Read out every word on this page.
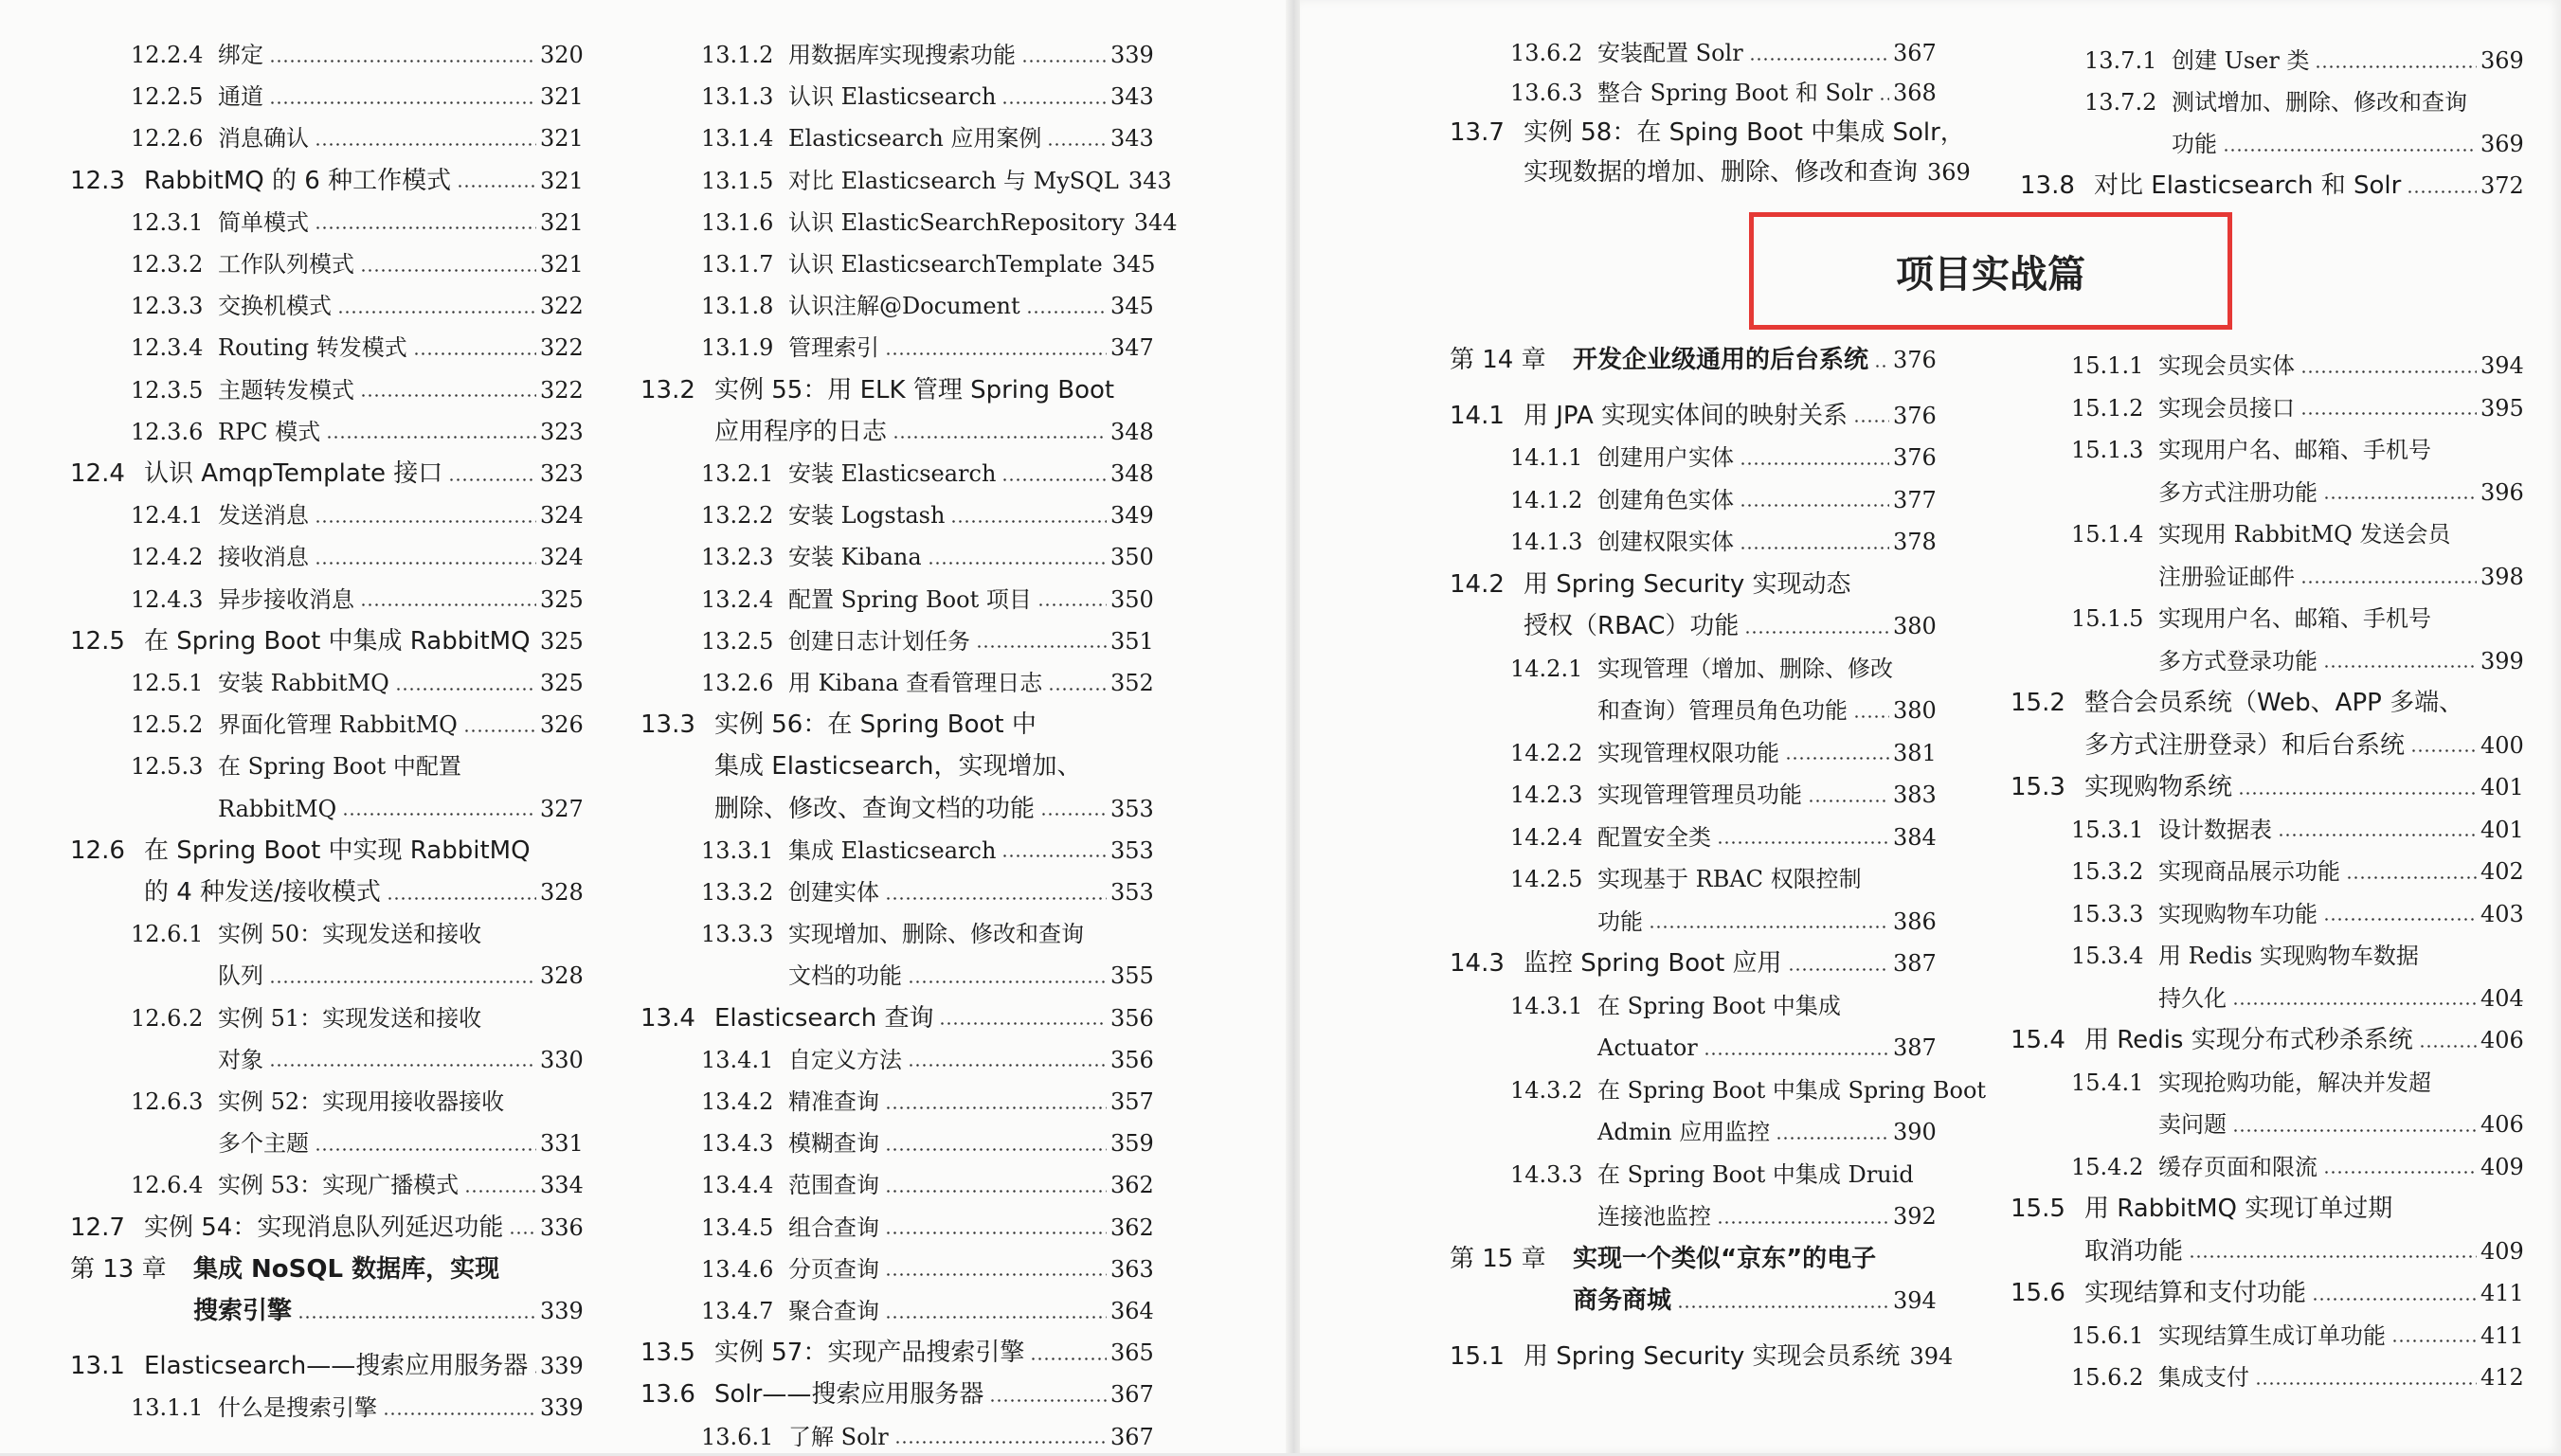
12.2.4 绑定	320
12.2.5 通道	321
12.2.6 消息确认	321
12.3 RabbitMQ 的 6 种工作模式	321
12.3.1 简单模式	321
12.3.2 工作队列模式	321
12.3.3 交换机模式	322
12.3.4 Routing 转发模式	322
12.3.5 主题转发模式	322
12.3.6 RPC 模式	323
12.4 认识 AmqpTemplate 接口	323
12.4.1 发送消息	324
12.4.2 接收消息	324
12.4.3 异步接收消息	325
12.5 在 Spring Boot 中集成 RabbitMQ 325
12.5.1 安装 RabbitMQ	325
12.5.2 界面化管理 RabbitMQ	326
12.5.3 在 Spring Boot 中配置
RabbitMQ	327
12.6 在 Spring Boot 中实现 RabbitMQ
的 4 种发送/接收模式	328
12.6.1 实例 50：实现发送和接收
队列	328
12.6.2 实例 51：实现发送和接收
对象	330
12.6.3 实例 52：实现用接收器接收
多个主题	331
12.6.4 实例 53：实现广播模式	334
12.7 实例 54：实现消息队列延迟功能 336
第 13 章	集成 NoSQL 数据库，实现
搜索引擎	339
13.1 Elasticsearch——搜索应用服务器 339
13.1.1 什么是搜索引擎	339
13.1.2 用数据库实现搜索功能	339
13.1.3 认识 Elasticsearch	343
13.1.4 Elasticsearch 应用案例	343
13.1.5 对比 Elasticsearch 与 MySQL 343
13.1.6 认识 ElasticSearchRepository 344
13.1.7 认识 ElasticsearchTemplate 345
13.1.8 认识注解@Document	345
13.1.9 管理索引	347
13.2 实例 55：用 ELK 管理 Spring Boot
应用程序的日志	348
13.2.1 安装 Elasticsearch	348
13.2.2 安装 Logstash	349
13.2.3 安装 Kibana	350
13.2.4 配置 Spring Boot 项目	350
13.2.5 创建日志计划任务	351
13.2.6 用 Kibana 查看管理日志	352
13.3 实例 56：在 Spring Boot 中
集成 Elasticsearch，实现增加、
删除、修改、查询文档的功能	353
13.3.1 集成 Elasticsearch	353
13.3.2 创建实体	353
13.3.3 实现增加、删除、修改和查询
文档的功能	355
13.4 Elasticsearch 查询	356
13.4.1 自定义方法	356
13.4.2 精准查询	357
13.4.3 模糊查询	359
13.4.4 范围查询	362
13.4.5 组合查询	362
13.4.6 分页查询	363
13.4.7 聚合查询	364
13.5 实例 57：实现产品搜索引擎	365
13.6 Solr——搜索应用服务器	367
13.6.1 了解 Solr	367
13.6.2 安装配置 Solr	367
13.6.3 整合 Spring Boot 和 Solr 368
13.7 实例 58：在 Sping Boot 中集成 Solr，
实现数据的增加、删除、修改和查询 369
第 14 章	开发企业级通用的后台系统 376
14.1 用 JPA 实现实体间的映射关系 376
14.1.1 创建用户实体	376
14.1.2 创建角色实体	377
14.1.3 创建权限实体	378
14.2 用 Spring Security 实现动态
授权（RBAC）功能	380
14.2.1 实现管理（增加、删除、修改
和查询）管理员角色功能 380
14.2.2 实现管理权限功能	381
14.2.3 实现管理管理员功能	383
14.2.4 配置安全类	384
14.2.5 实现基于 RBAC 权限控制
功能	386
14.3 监控 Spring Boot 应用	387
14.3.1 在 Spring Boot 中集成
Actuator	387
14.3.2 在 Spring Boot 中集成 Spring Boot
Admin 应用监控	390
14.3.3 在 Spring Boot 中集成 Druid
连接池监控	392
第 15 章	实现一个类似“京东”的电子
商务商城	394
15.1 用 Spring Security 实现会员系统 394
13.7.1 创建 User 类	369
13.7.2 测试增加、删除、修改和查询
功能	369
13.8 对比 Elasticsearch 和 Solr	372
15.1.1 实现会员实体	394
15.1.2 实现会员接口	395
15.1.3 实现用户名、邮箱、手机号
多方式注册功能	396
15.1.4 实现用 RabbitMQ 发送会员
注册验证邮件	398
15.1.5 实现用户名、邮箱、手机号
多方式登录功能	399
15.2 整合会员系统（Web、APP 多端、
多方式注册登录）和后台系统	400
15.3 实现购物系统	401
15.3.1 设计数据表	401
15.3.2 实现商品展示功能	402
15.3.3 实现购物车功能	403
15.3.4 用 Redis 实现购物车数据
持久化	404
15.4 用 Redis 实现分布式秒杀系统	406
15.4.1 实现抢购功能，解决并发超
卖问题	406
15.4.2 缓存页面和限流	409
15.5 用 RabbitMQ 实现订单过期
取消功能	409
15.6 实现结算和支付功能	411
15.6.1 实现结算生成订单功能	411
15.6.2 集成支付	412
项目实战篇
